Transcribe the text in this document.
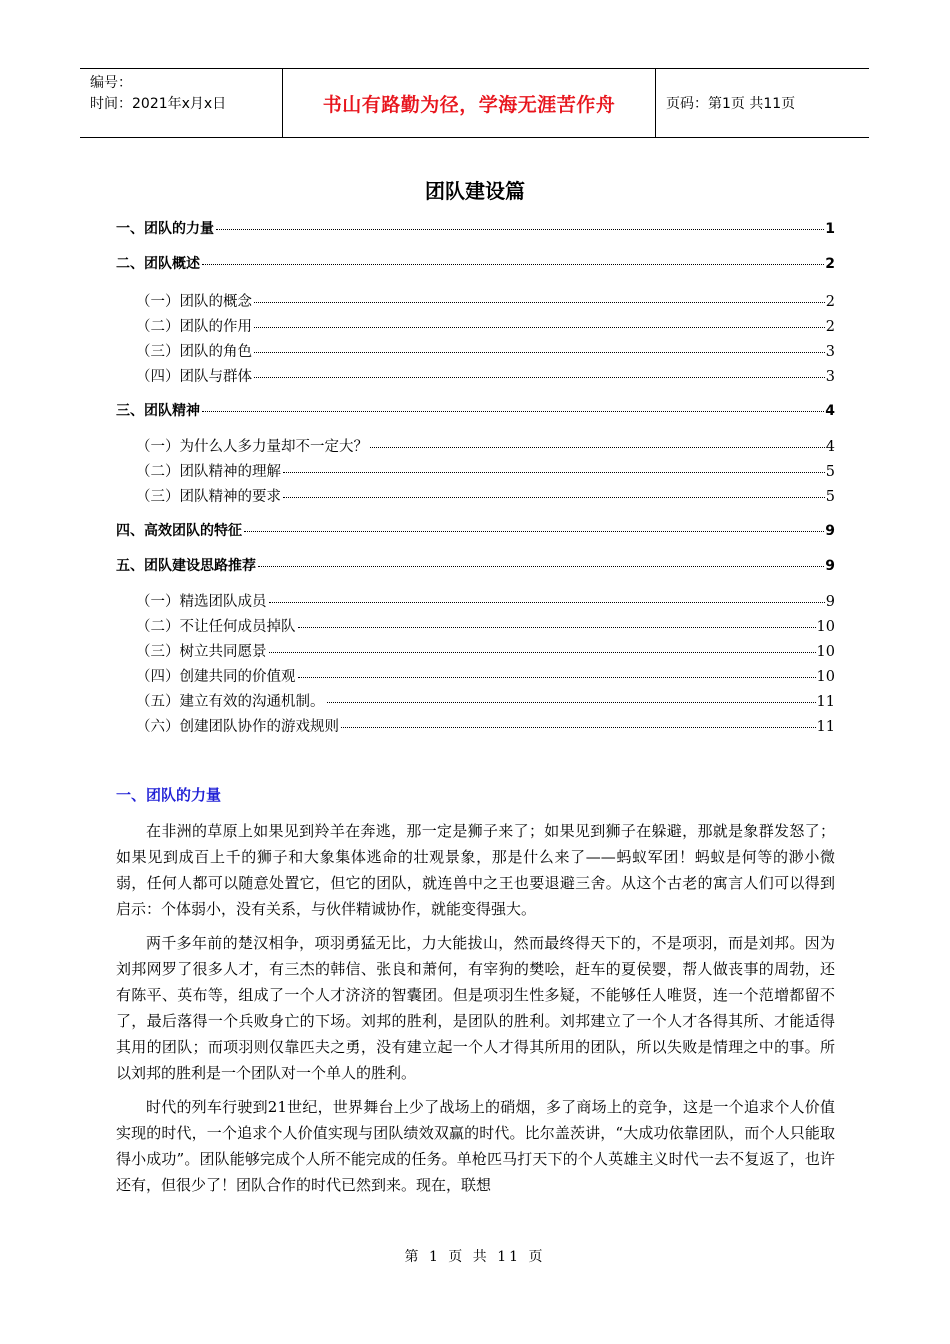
编号：
时间：2021年x月x日	书山有路勤为径，学海无涯苦作舟	页码：第1页 共11页
团队建设篇
一、团队的力量	1
二、团队概述	2
（一）团队的概念	2
（二）团队的作用	2
（三）团队的角色	3
（四）团队与群体	3
三、团队精神	4
（一）为什么人多力量却不一定大？	4
（二）团队精神的理解	5
（三）团队精神的要求	5
四、高效团队的特征	9
五、团队建设思路推荐	9
（一）精选团队成员	9
（二）不让任何成员掉队	10
（三）树立共同愿景	10
（四）创建共同的价值观	10
（五）建立有效的沟通机制。	11
（六）创建团队协作的游戏规则	11
一、团队的力量

在非洲的草原上如果见到羚羊在奔逃，那一定是狮子来了；如果见到狮子在躲避，那就是象群发怒了；如果见到成百上千的狮子和大象集体逃命的壮观景象，那是什么来了——蚂蚁军团！蚂蚁是何等的渺小微弱，任何人都可以随意处置它，但它的团队，就连兽中之王也要退避三舍。从这个古老的寓言人们可以得到启示：个体弱小，没有关系，与伙伴精诚协作，就能变得强大。

两千多年前的楚汉相争，项羽勇猛无比，力大能拔山，然而最终得天下的，不是项羽，而是刘邦。因为刘邦网罗了很多人才，有三杰的韩信、张良和萧何，有宰狗的樊哙，赶车的夏侯婴，帮人做丧事的周勃，还有陈平、英布等，组成了一个人才济济的智囊团。但是项羽生性多疑，不能够任人唯贤，连一个范增都留不了，最后落得一个兵败身亡的下场。刘邦的胜利，是团队的胜利。刘邦建立了一个人才各得其所、才能适得其用的团队；而项羽则仅靠匹夫之勇，没有建立起一个人才得其所用的团队，所以失败是情理之中的事。所以刘邦的胜利是一个团队对一个单人的胜利。

时代的列车行驶到21世纪，世界舞台上少了战场上的硝烟，多了商场上的竞争，这是一个追求个人价值实现的时代，一个追求个人价值实现与团队绩效双赢的时代。比尔盖茨讲，“大成功依靠团队，而个人只能取得小成功”。团队能够完成个人所不能完成的任务。单枪匹马打天下的个人英雄主义时代一去不复返了，也许还有，但很少了！团队合作的时代已然到来。现在，联想

第 1 页 共 11 页
